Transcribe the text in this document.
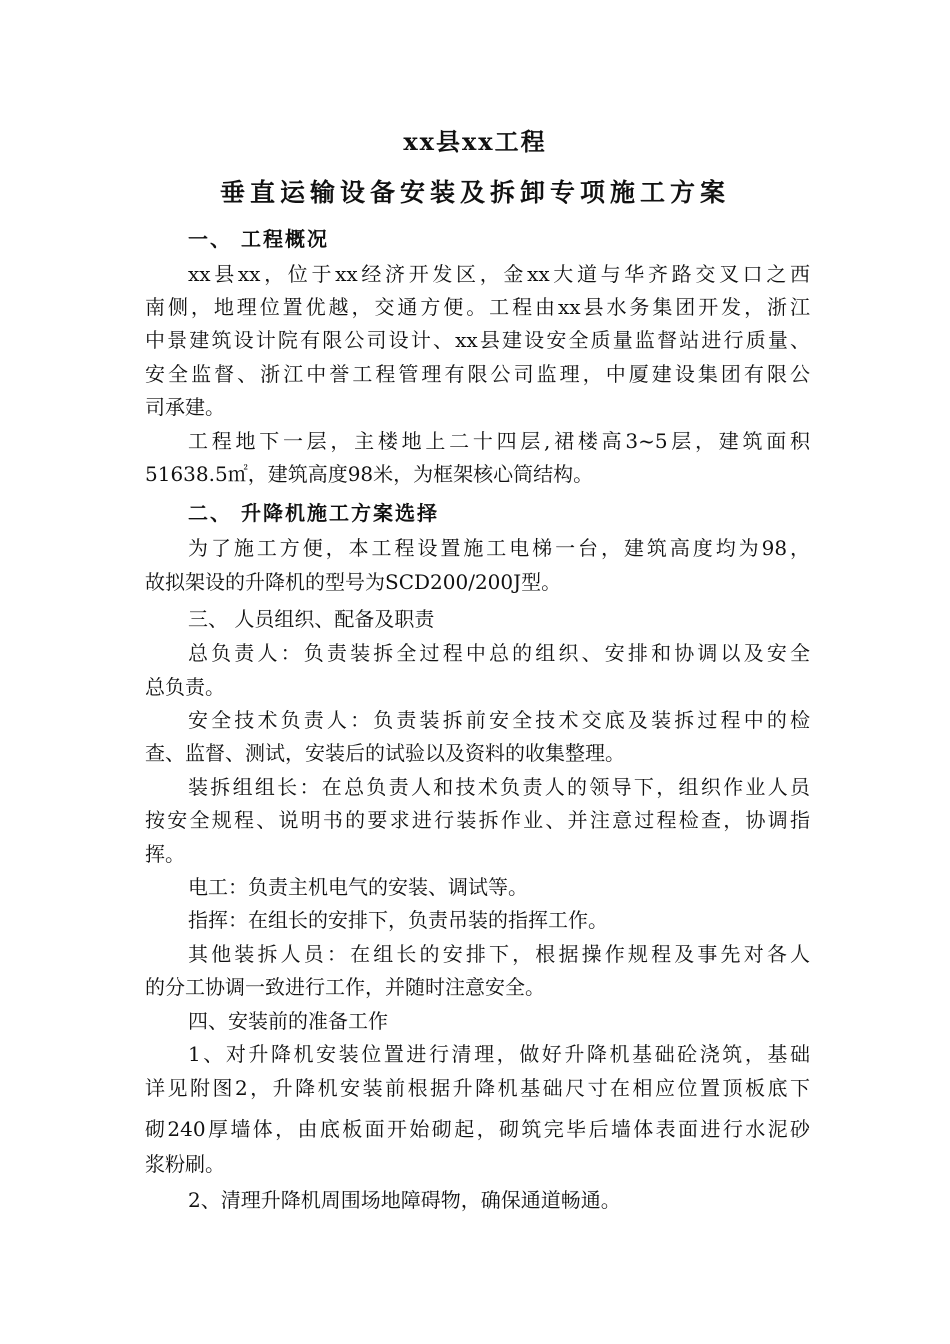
xx县xx工程
垂直运输设备安装及拆卸专项施工方案
一、 工程概况
xx县xx，位于xx经济开发区，金xx大道与华齐路交叉口之西
南侧，地理位置优越，交通方便。工程由xx县水务集团开发，浙江
中景建筑设计院有限公司设计、xx县建设安全质量监督站进行质量、
安全监督、浙江中誉工程管理有限公司监理，中厦建设集团有限公
司承建。
工程地下一层，主楼地上二十四层,裙楼高3~5层，建筑面积
51638.5㎡，建筑高度98米，为框架核心筒结构。
二、 升降机施工方案选择
为了施工方便，本工程设置施工电梯一台，建筑高度均为98，
故拟架设的升降机的型号为SCD200/200J型。
三、 人员组织、配备及职责
总负责人：负责装拆全过程中总的组织、安排和协调以及安全
总负责。
安全技术负责人：负责装拆前安全技术交底及装拆过程中的检
查、监督、测试，安装后的试验以及资料的收集整理。
装拆组组长：在总负责人和技术负责人的领导下，组织作业人员
按安全规程、说明书的要求进行装拆作业、并注意过程检查，协调指
挥。
电工：负责主机电气的安装、调试等。
指挥：在组长的安排下，负责吊装的指挥工作。
其他装拆人员：在组长的安排下，根据操作规程及事先对各人
的分工协调一致进行工作，并随时注意安全。
四、安装前的准备工作
1、对升降机安装位置进行清理，做好升降机基础砼浇筑，基础
详见附图2，升降机安装前根据升降机基础尺寸在相应位置顶板底下
砌240厚墙体，由底板面开始砌起，砌筑完毕后墙体表面进行水泥砂
浆粉刷。
2、清理升降机周围场地障碍物，确保通道畅通。
